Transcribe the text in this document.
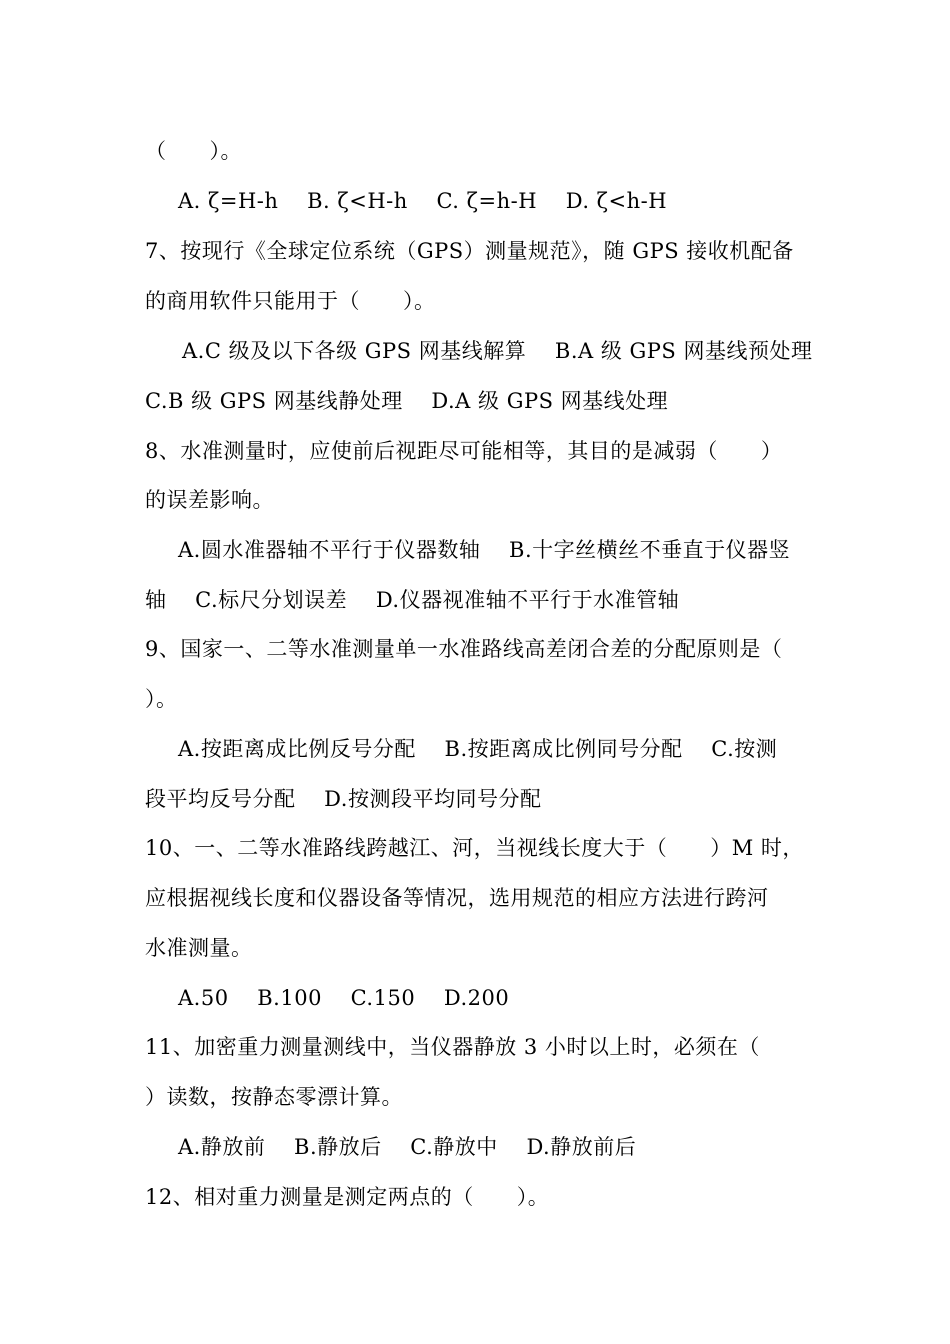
（　　）。
A. ζ=H-h　 B. ζ<H-h　 C. ζ=h-H　 D. ζ<h-H
7、按现行《全球定位系统（GPS）测量规范》，随 GPS 接收机配备
的商用软件只能用于（　　）。
A.C 级及以下各级 GPS 网基线解算　 B.A 级 GPS 网基线预处理
C.B 级 GPS 网基线静处理　 D.A 级 GPS 网基线处理
8、水准测量时，应使前后视距尽可能相等，其目的是减弱（　　）
的误差影响。
A.圆水准器轴不平行于仪器数轴　 B.十字丝横丝不垂直于仪器竖
轴　 C.标尺分划误差　 D.仪器视准轴不平行于水准管轴
9、国家一、二等水准测量单一水准路线高差闭合差的分配原则是（
）。
A.按距离成比例反号分配　 B.按距离成比例同号分配　 C.按测
段平均反号分配　 D.按测段平均同号分配
10、一、二等水准路线跨越江、河，当视线长度大于（　　）M 时，
应根据视线长度和仪器设备等情况，选用规范的相应方法进行跨河
水准测量。
A.50　 B.100　 C.150　 D.200
11、加密重力测量测线中，当仪器静放 3 小时以上时，必须在（
）读数，按静态零漂计算。
A.静放前　 B.静放后　 C.静放中　 D.静放前后
12、相对重力测量是测定两点的（　　）。
